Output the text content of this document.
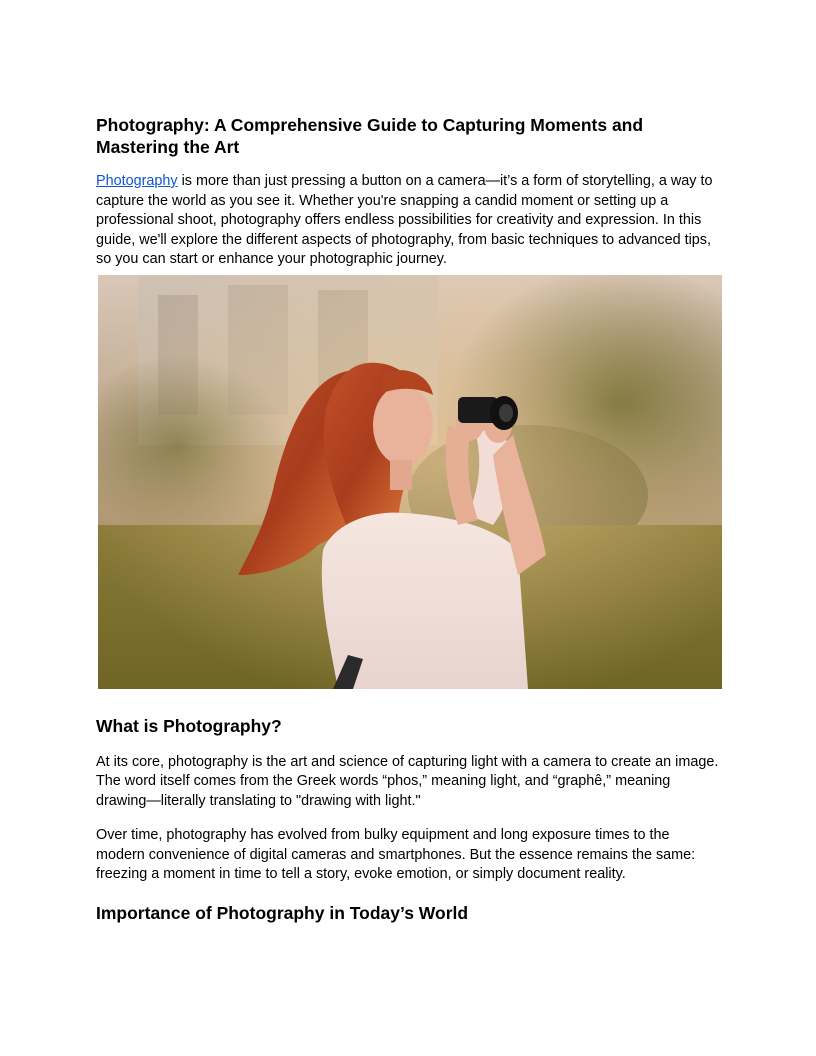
Photography: A Comprehensive Guide to Capturing Moments and Mastering the Art

Photography is more than just pressing a button on a camera—it’s a form of storytelling, a way to capture the world as you see it. Whether you're snapping a candid moment or setting up a professional shoot, photography offers endless possibilities for creativity and expression. In this guide, we'll explore the different aspects of photography, from basic techniques to advanced tips, so you can start or enhance your photographic journey.

What is Photography?

At its core, photography is the art and science of capturing light with a camera to create an image. The word itself comes from the Greek words “phos,” meaning light, and “graphê,” meaning drawing—literally translating to "drawing with light."

Over time, photography has evolved from bulky equipment and long exposure times to the modern convenience of digital cameras and smartphones. But the essence remains the same: freezing a moment in time to tell a story, evoke emotion, or simply document reality.

Importance of Photography in Today’s World
